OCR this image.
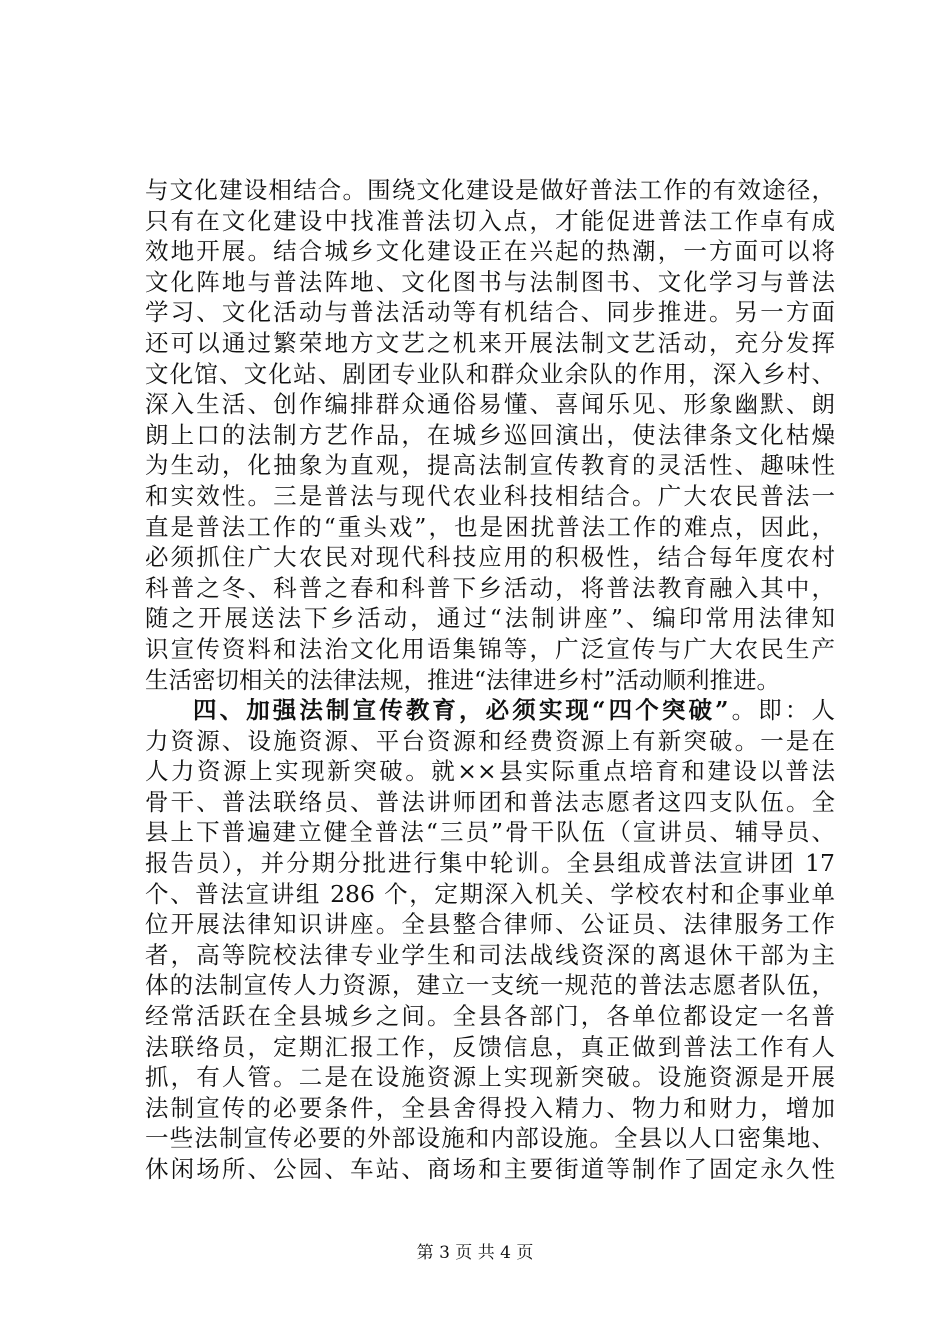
与文化建设相结合。围绕文化建设是做好普法工作的有效途径，
只有在文化建设中找准普法切入点，才能促进普法工作卓有成
效地开展。结合城乡文化建设正在兴起的热潮，一方面可以将
文化阵地与普法阵地、文化图书与法制图书、文化学习与普法
学习、文化活动与普法活动等有机结合、同步推进。另一方面
还可以通过繁荣地方文艺之机来开展法制文艺活动，充分发挥
文化馆、文化站、剧团专业队和群众业余队的作用，深入乡村、
深入生活、创作编排群众通俗易懂、喜闻乐见、形象幽默、朗
朗上口的法制方艺作品，在城乡巡回演出，使法律条文化枯燥
为生动，化抽象为直观，提高法制宣传教育的灵活性、趣味性
和实效性。三是普法与现代农业科技相结合。广大农民普法一
直是普法工作的“重头戏”，也是困扰普法工作的难点，因此，
必须抓住广大农民对现代科技应用的积极性，结合每年度农村
科普之冬、科普之春和科普下乡活动，将普法教育融入其中，
随之开展送法下乡活动，通过“法制讲座”、编印常用法律知
识宣传资料和法治文化用语集锦等，广泛宣传与广大农民生产
生活密切相关的法律法规，推进“法律进乡村”活动顺利推进。
四、加强法制宣传教育，必须实现“四个突破”。即：人
力资源、设施资源、平台资源和经费资源上有新突破。一是在
人力资源上实现新突破。就××县实际重点培育和建设以普法
骨干、普法联络员、普法讲师团和普法志愿者这四支队伍。全
县上下普遍建立健全普法“三员”骨干队伍（宣讲员、辅导员、
报告员），并分期分批进行集中轮训。全县组成普法宣讲团 17
个、普法宣讲组 286 个，定期深入机关、学校农村和企事业单
位开展法律知识讲座。全县整合律师、公证员、法律服务工作
者，高等院校法律专业学生和司法战线资深的离退休干部为主
体的法制宣传人力资源，建立一支统一规范的普法志愿者队伍，
经常活跃在全县城乡之间。全县各部门，各单位都设定一名普
法联络员，定期汇报工作，反馈信息，真正做到普法工作有人
抓，有人管。二是在设施资源上实现新突破。设施资源是开展
法制宣传的必要条件，全县舍得投入精力、物力和财力，增加
一些法制宣传必要的外部设施和内部设施。全县以人口密集地、
休闲场所、公园、车站、商场和主要街道等制作了固定永久性
第 3 页 共 4 页
